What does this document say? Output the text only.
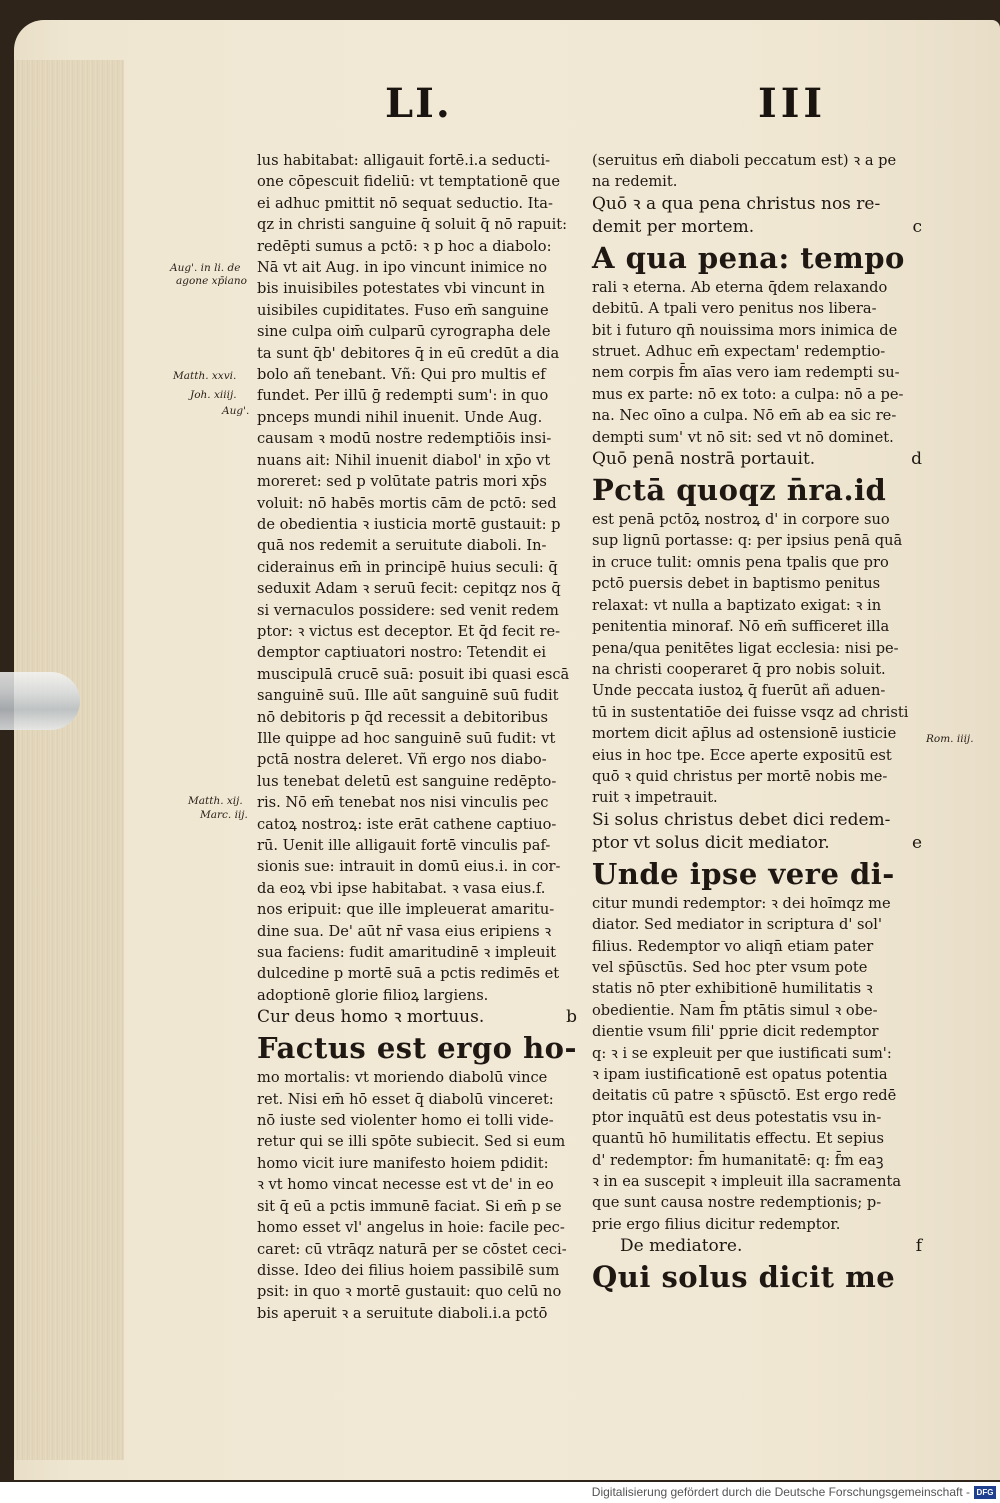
LI.	III
Aug'. in li. de
agone xp̄iano
Matth. xxvi.
Joh. xiiij.
Aug'.
Matth. xij.
Marc. iij.
Rom. iiij.
lus habitabat: alligauit fortē.i.a seducti-
one cōpescuit fideliū: vt temptationē que
ei adhuc pmittit nō sequat seductio. Ita-
qz in christi sanguine q̄ soluit q̄ nō rapuit:
redēpti sumus a pctō: ꝛ p hoc a diabolo:
Nā vt ait Aug. in ipo vincunt inimice no
bis inuisibiles potestates vbi vincunt in
uisibiles cupiditates. Fuso em̄ sanguine
sine culpa oim̄ culparū cyrographa dele
ta sunt q̄b' debitores q̄ in eū credūt a dia
bolo añ tenebant. Vñ: Qui pro multis ef
fundet. Per illū ḡ redempti sum': in quo
pnceps mundi nihil inuenit. Unde Aug.
causam ꝛ modū nostre redemptiōis insi-
nuans ait: Nihil inuenit diabol' in xp̄o vt
moreret: sed p volūtate patris mori xp̄s
voluit: nō habēs mortis cām de pctō: sed
de obedientia ꝛ iusticia mortē gustauit: p
quā nos redemit a seruitute diaboli. In-
ciderainus em̄ in principē huius seculi: q̄
seduxit Adam ꝛ seruū fecit: cepitqz nos q̄
si vernaculos possidere: sed venit redem
ptor: ꝛ victus est deceptor. Et q̄d fecit re-
demptor captiuatori nostro: Tetendit ei
muscipulā crucē suā: posuit ibi quasi escā
sanguinē suū. Ille aūt sanguinē suū fudit
nō debitoris p q̄d recessit a debitoribus
Ille quippe ad hoc sanguinē suū fudit: vt
pctā nostra deleret. Vñ ergo nos diabo-
lus tenebat deletū est sanguine redēpto-
ris. Nō em̄ tenebat nos nisi vinculis pec
catoꝝ nostroꝝ: iste erāt cathene captiuo-
rū. Uenit ille alligauit fortē vinculis paf-
sionis sue: intrauit in domū eius.i. in cor-
da eoꝝ vbi ipse habitabat. ꝛ vasa eius.f.
nos eripuit: que ille impleuerat amaritu-
dine sua. De' aūt nr̄ vasa eius eripiens ꝛ
sua faciens: fudit amaritudinē ꝛ impleuit
dulcedine p mortē suā a pctis redimēs et
adoptionē glorie filioꝝ largiens.
Cur deus homo ꝛ mortuus.	b
Factus est ergo ho-
mo mortalis: vt moriendo diabolū vince
ret. Nisi em̄ hō esset q̄ diabolū vinceret:
nō iuste sed violenter homo ei tolli vide-
retur qui se illi spōte subiecit. Sed si eum
homo vicit iure manifesto hoiem pdidit:
ꝛ vt homo vincat necesse est vt de' in eo
sit q̄ eū a pctis immunē faciat. Si em̄ p se
homo esset vl' angelus in hoie: facile pec-
caret: cū vtrāqz naturā per se cōstet ceci-
disse. Ideo dei filius hoiem passibilē sum
psit: in quo ꝛ mortē gustauit: quo celū no
bis aperuit ꝛ a seruitute diaboli.i.a pctō
(seruitus em̄ diaboli peccatum est) ꝛ a pe
na redemit.
Quō ꝛ a qua pena christus nos re-
demit per mortem.	c
A qua pena: tempo
rali ꝛ eterna. Ab eterna q̄dem relaxando
debitū. A tpali vero penitus nos libera-
bit i futuro qn̄ nouissima mors inimica de
struet. Adhuc em̄ expectam' redemptio-
nem corpis f̄m aīas vero iam redempti su-
mus ex parte: nō ex toto: a culpa: nō a pe-
na. Nec oīno a culpa. Nō em̄ ab ea sic re-
dempti sum' vt nō sit: sed vt nō dominet.
Quō penā nostrā portauit.	d
Pctā quoqz n̄ra.id
est penā pctōꝝ nostroꝝ d' in corpore suo
sup lignū portasse: q: per ipsius penā quā
in cruce tulit: omnis pena tpalis que pro
pctō puersis debet in baptismo penitus
relaxat: vt nulla a baptizato exigat: ꝛ in
penitentia minoraf. Nō em̄ sufficeret illa
pena/qua penitētes ligat ecclesia: nisi pe-
na christi cooperaret q̄ pro nobis soluit.
Unde peccata iustoꝝ q̄ fuerūt añ aduen-
tū in sustentatiōe dei fuisse vsqz ad christi
mortem dicit ap̄lus ad ostensionē iusticie
eius in hoc tpe. Ecce aperte expositū est
quō ꝛ quid christus per mortē nobis me-
ruit ꝛ impetrauit.
Si solus christus debet dici redem-
ptor vt solus dicit mediator.	e
Unde ipse vere di-
citur mundi redemptor: ꝛ dei hoīmqz me
diator. Sed mediator in scriptura d' sol'
filius. Redemptor vo aliqn̄ etiam pater
vel sp̄ūsctūs. Sed hoc pter vsum pote
statis nō pter exhibitionē humilitatis ꝛ
obedientie. Nam f̄m ptātis simul ꝛ obe-
dientie vsum fili' pprie dicit redemptor
q: ꝛ i se expleuit per que iustificati sum':
ꝛ ipam iustificationē est opatus potentia
deitatis cū patre ꝛ sp̄ūsctō. Est ergo redē
ptor inquātū est deus potestatis vsu in-
quantū hō humilitatis effectu. Et sepius
d' redemptor: f̄m humanitatē: q: f̄m eaꝫ
ꝛ in ea suscepit ꝛ impleuit illa sacramenta
que sunt causa nostre redemptionis; p-
prie ergo filius dicitur redemptor.
De mediatore.	f
Qui solus dicit me
Digitalisierung gefördert durch die Deutsche Forschungsgemeinschaft - DFG
